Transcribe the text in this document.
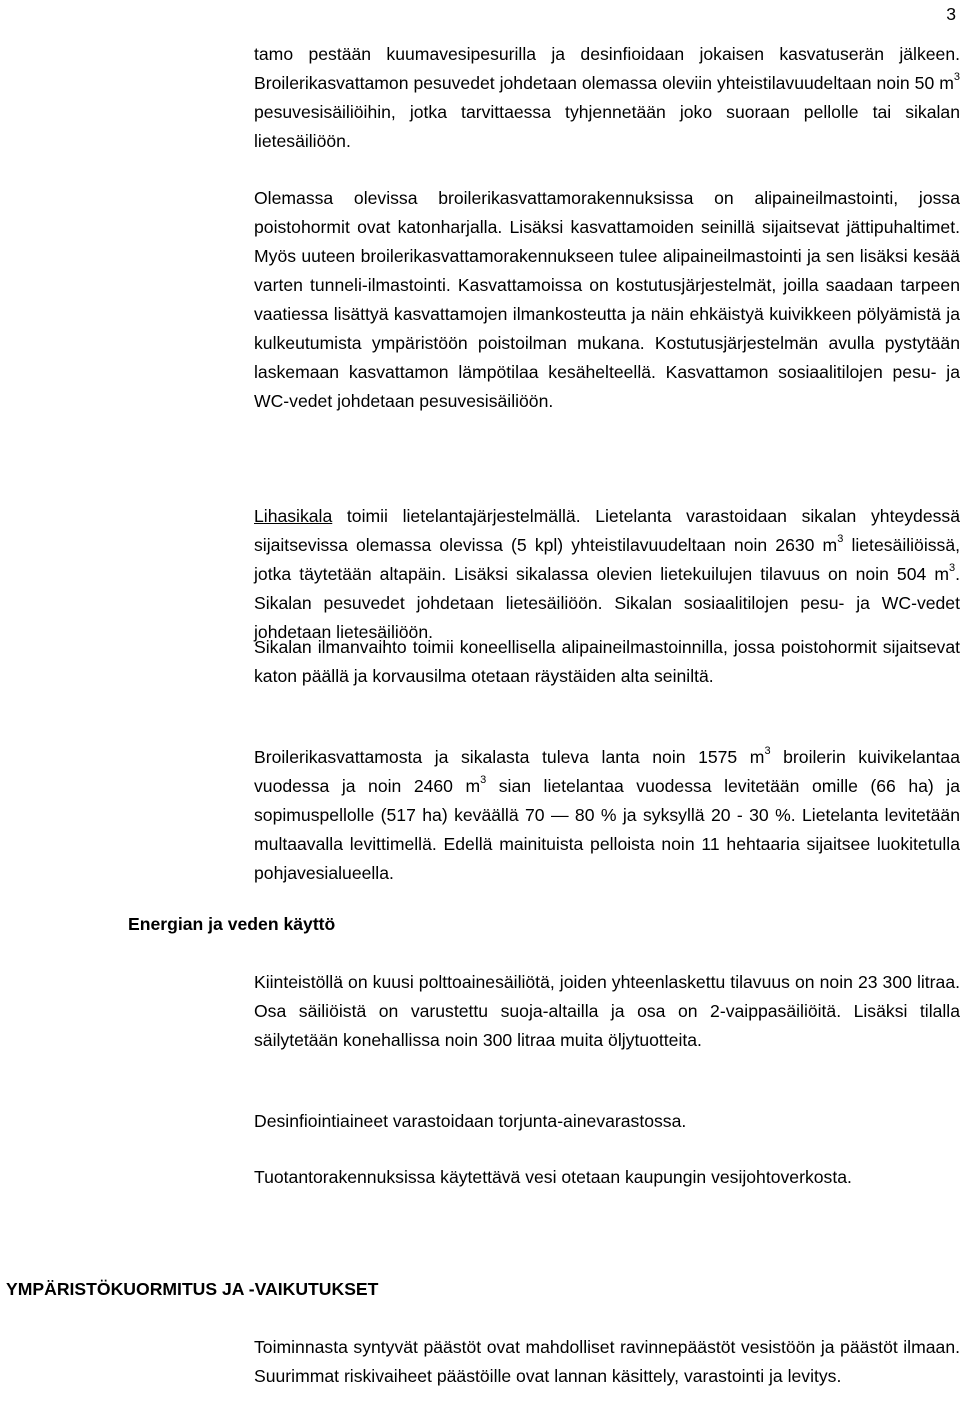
3

tamo pestään kuumavesipesurilla ja desinfioidaan jokaisen kasvatuserän jälkeen. Broilerikasvattamon pesuvedet johdetaan olemassa oleviin yhteistilavuudeltaan noin 50 $m^3$ pesuvesisäiliöihin, jotka tarvittaessa tyhjennetään joko suoraan pellolle tai sikalan lietesäiliöön.

Olemassa olevissa broilerikasvattamorakennuksissa on alipaineilmastointi, jossa poistohormit ovat katonharjalla. Lisäksi kasvattamoiden seinillä sijaitsevat jättipuhaltimet. Myös uuteen broilerikasvattamorakennukseen tulee alipaineilmastointi ja sen lisäksi kesää varten tunneli-ilmastointi. Kasvattamoissa on kostutusjärjestelmät, joilla saadaan tarpeen vaatiessa lisättyä kasvattamojen ilmankosteutta ja näin ehkäistyä kuivikkeen pölyämistä ja kulkeutumista ympäristöön poistoilman mukana. Kostutusjärjestelmän avulla pystytään laskemaan kasvattamon lämpötilaa kesähelteellä. Kasvattamon sosiaalitilojen pesu- ja WC-vedet johdetaan pesuvesisäiliöön.

Lihasikala toimii lietelantajärjestelmällä. Lietelanta varastoidaan sikalan yhteydessä sijaitsevissa olemassa olevissa (5 kpl) yhteistilavuudeltaan noin 2630 $m^3$ lietesäiliöissä, jotka täytetään altapäin. Lisäksi sikalassa olevien lietekuilujen tilavuus on noin 504 $m^3$. Sikalan pesuvedet johdetaan lietesäiliöön. Sikalan sosiaalitilojen pesu- ja WC-vedet johdetaan lietesäiliöön.

Sikalan ilmanvaihto toimii koneellisella alipaineilmastoinnilla, jossa poistohormit sijaitsevat katon päällä ja korvausilma otetaan räystäiden alta seiniltä.

Broilerikasvattamosta ja sikalasta tuleva lanta noin 1575 $m^3$ broilerin kuivikelantaa vuodessa ja noin 2460 $m^3$ sian lietelantaa vuodessa levitetään omille (66 ha) ja sopimuspellolle (517 ha) keväällä 70 — 80 % ja syksyllä 20 - 30 %. Lietelanta levitetään multaavalla levittimellä. Edellä mainituista pelloista noin 11 hehtaaria sijaitsee luokitetulla pohjavesialueella.

Energian ja veden käyttö

Kiinteistöllä on kuusi polttoainesäiliötä, joiden yhteenlaskettu tilavuus on noin 23 300 litraa. Osa säiliöistä on varustettu suoja-altailla ja osa on 2-vaippasäiliöitä. Lisäksi tilalla säilytetään konehallissa noin 300 litraa muita öljytuotteita.

Desinfiointiaineet varastoidaan torjunta-ainevarastossa.

Tuotantorakennuksissa käytettävä vesi otetaan kaupungin vesijohtoverkosta.

YMPÄRISTÖKUORMITUS JA -VAIKUTUKSET

Toiminnasta syntyvät päästöt ovat mahdolliset ravinnepäästöt vesistöön ja päästöt ilmaan. Suurimmat riskivaiheet päästöille ovat lannan käsittely, varastointi ja levitys.
